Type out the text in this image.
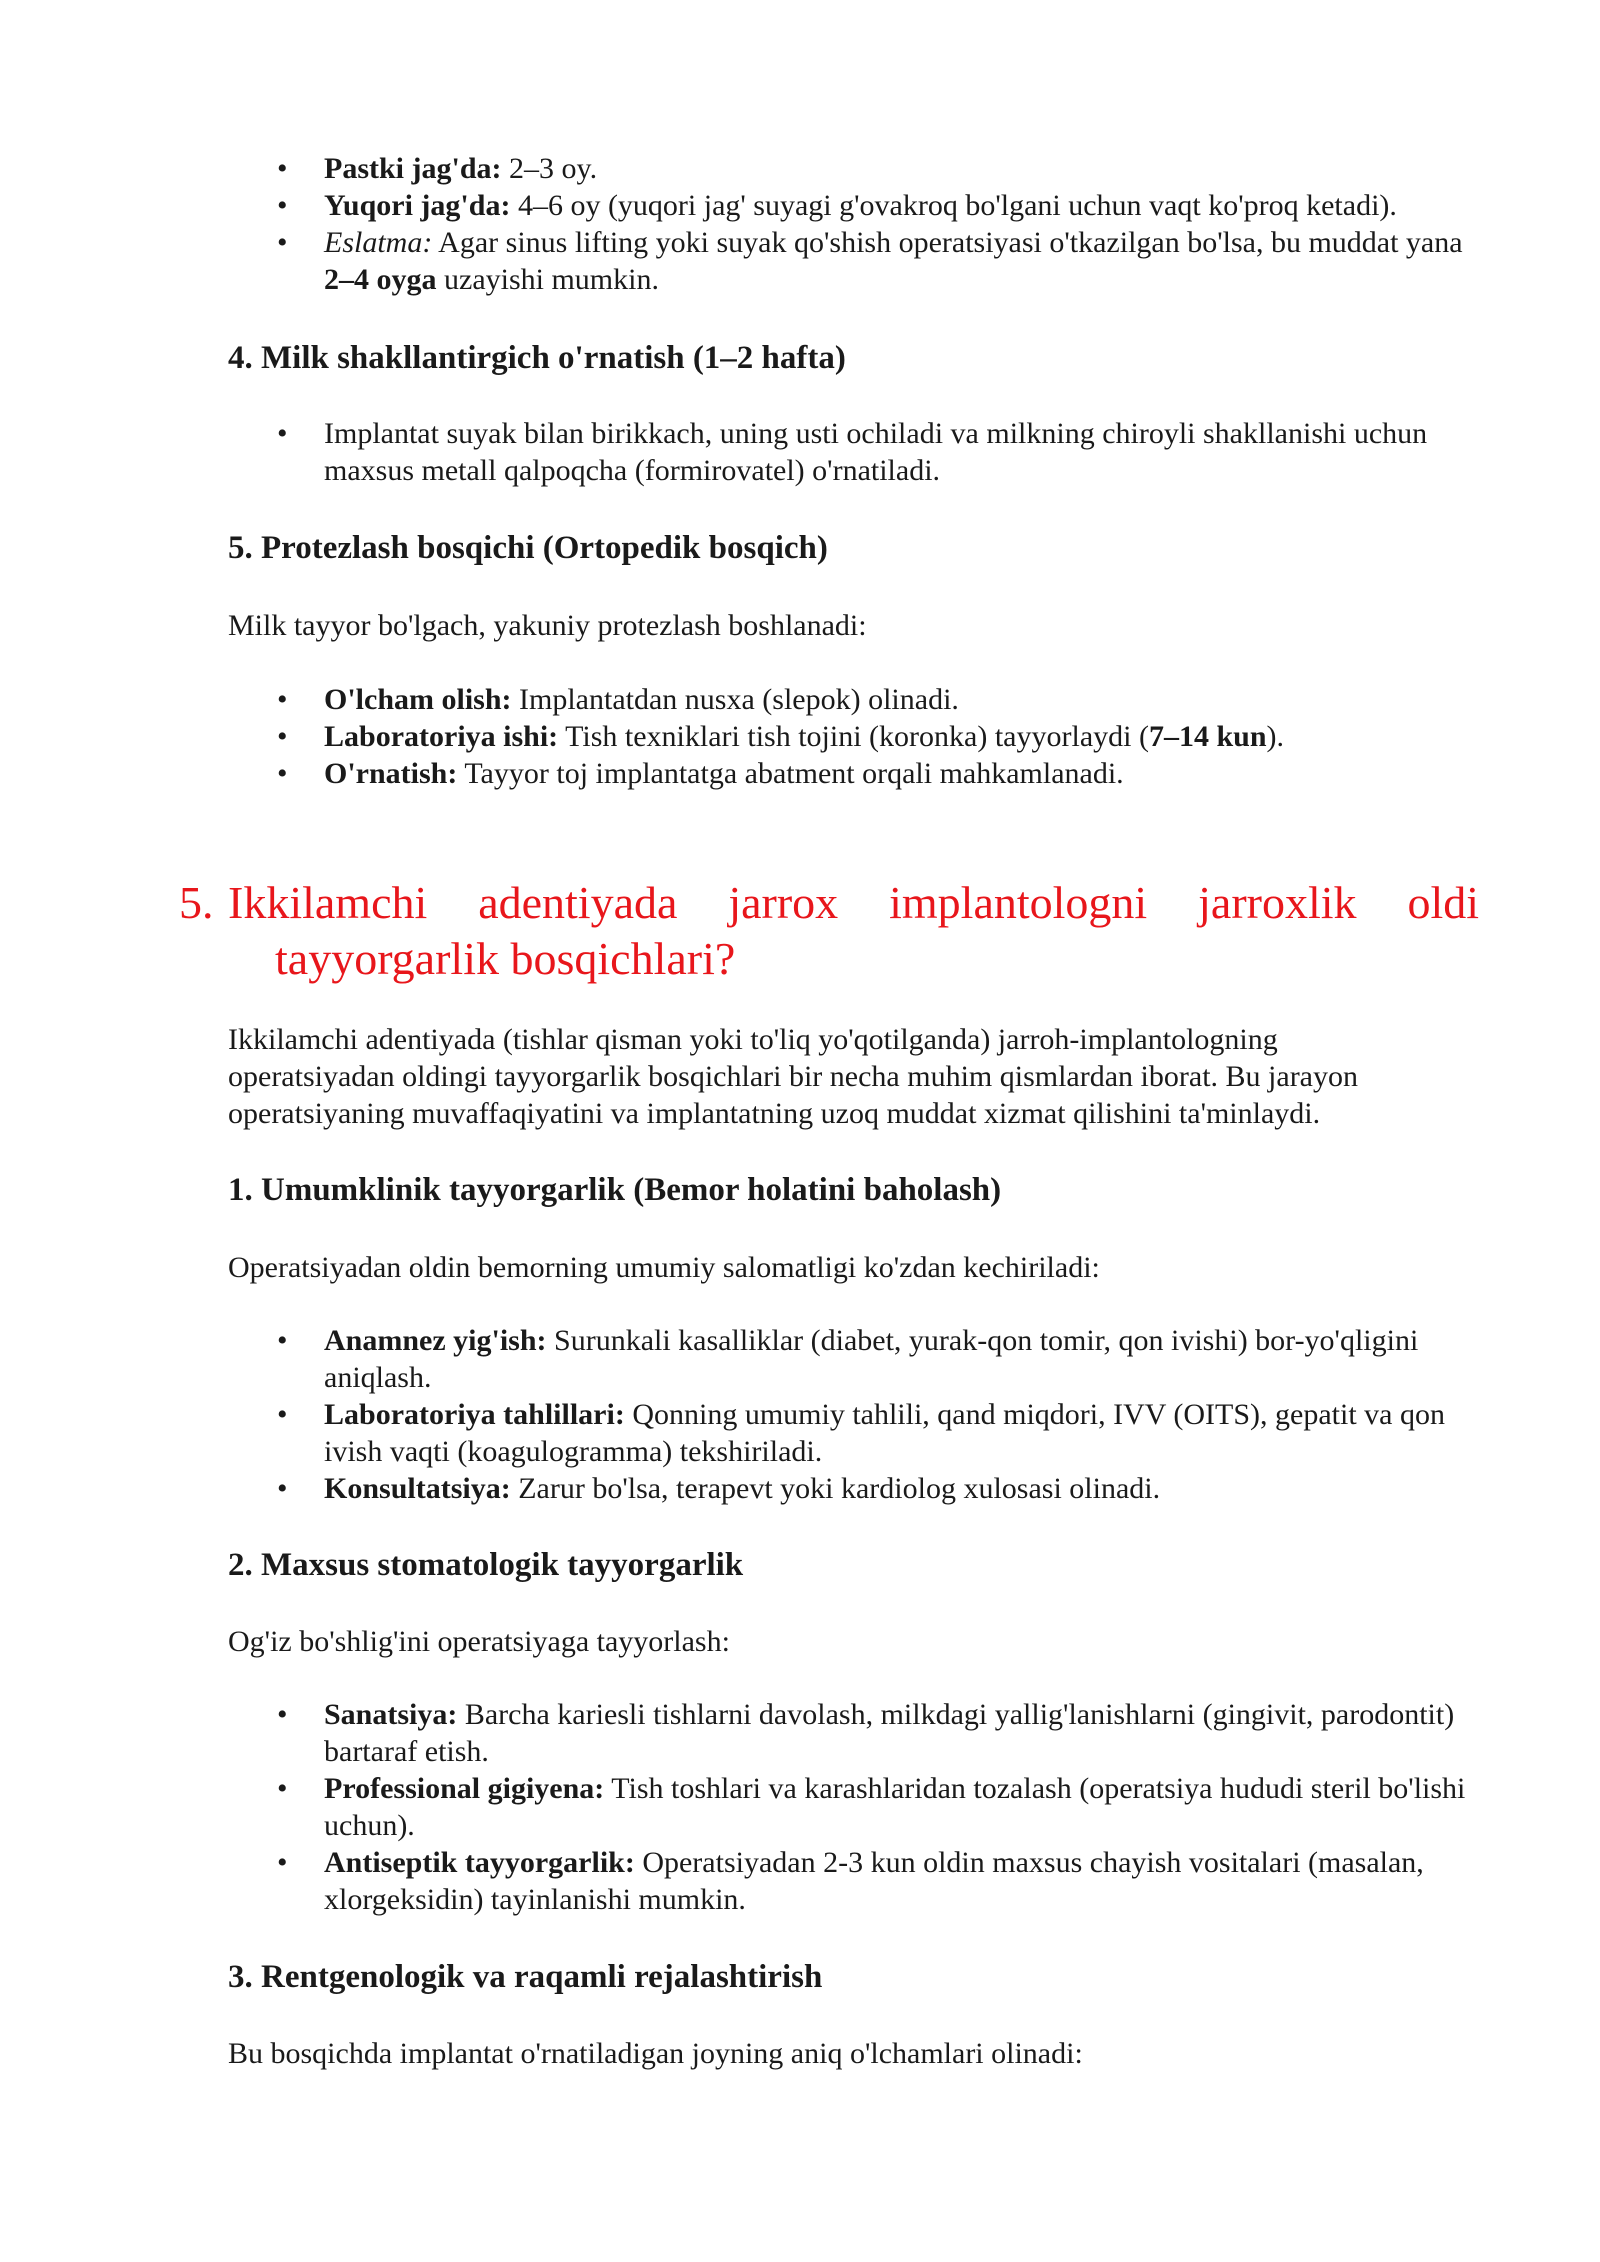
• Pastki jag'da: 2–3 oy.
• Yuqori jag'da: 4–6 oy (yuqori jag' suyagi g'ovakroq bo'lgani uchun vaqt ko'proq ketadi).
• Eslatma: Agar sinus lifting yoki suyak qo'shish operatsiyasi o'tkazilgan bo'lsa, bu muddat yana 2–4 oyga uzayishi mumkin.
4. Milk shakllantirgich o'rnatish (1–2 hafta)
• Implantat suyak bilan birikkach, uning usti ochiladi va milkning chiroyli shakllanishi uchun maxsus metall qalpoqcha (formirovatel) o'rnatiladi.
5. Protezlash bosqichi (Ortopedik bosqich)

Milk tayyor bo'lgach, yakuniy protezlash boshlanadi:

• O'lcham olish: Implantatdan nusxa (slepok) olinadi.
• Laboratoriya ishi: Tish texniklari tish tojini (koronka) tayyorlaydi (7–14 kun).
• O'rnatish: Tayyor toj implantatga abatment orqali mahkamlanadi.
5. Ikkilamchi adentiyada jarrox implantologni jarroxlik oldi
tayyorgarlik bosqichlari?

Ikkilamchi adentiyada (tishlar qisman yoki to'liq yo'qotilganda) jarroh-implantologning operatsiyadan oldingi tayyorgarlik bosqichlari bir necha muhim qismlardan iborat. Bu jarayon operatsiyaning muvaffaqiyatini va implantatning uzoq muddat xizmat qilishini ta'minlaydi.

1. Umumklinik tayyorgarlik (Bemor holatini baholash)

Operatsiyadan oldin bemorning umumiy salomatligi ko'zdan kechiriladi:

• Anamnez yig'ish: Surunkali kasalliklar (diabet, yurak-qon tomir, qon ivishi) bor-yo'qligini aniqlash.
• Laboratoriya tahlillari: Qonning umumiy tahlili, qand miqdori, IVV (OITS), gepatit va qon ivish vaqti (koagulogramma) tekshiriladi.
• Konsultatsiya: Zarur bo'lsa, terapevt yoki kardiolog xulosasi olinadi.
2. Maxsus stomatologik tayyorgarlik

Og'iz bo'shlig'ini operatsiyaga tayyorlash:

• Sanatsiya: Barcha kariesli tishlarni davolash, milkdagi yallig'lanishlarni (gingivit, parodontit) bartaraf etish.
• Professional gigiyena: Tish toshlari va karashlaridan tozalash (operatsiya hududi steril bo'lishi uchun).
• Antiseptik tayyorgarlik: Operatsiyadan 2-3 kun oldin maxsus chayish vositalari (masalan, xlorgeksidin) tayinlanishi mumkin.
3. Rentgenologik va raqamli rejalashtirish

Bu bosqichda implantat o'rnatiladigan joyning aniq o'lchamlari olinadi:
